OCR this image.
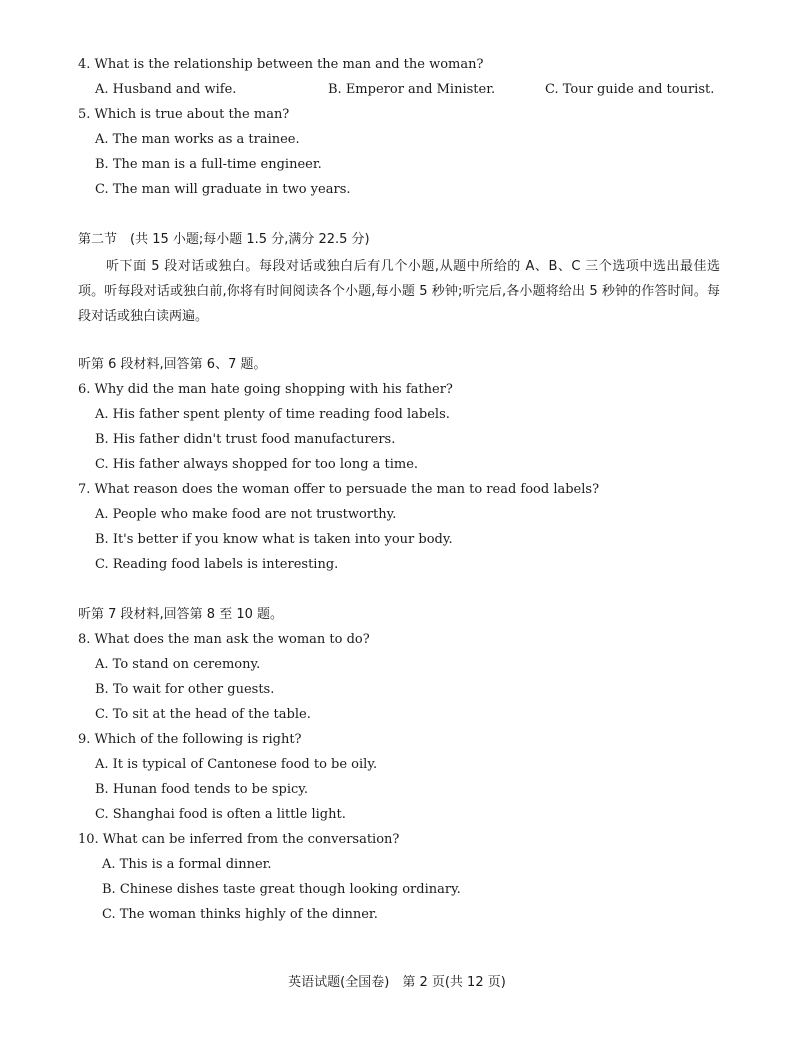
4. What is the relationship between the man and the woman?
A. Husband and wife.	B. Emperor and Minister.	C. Tour guide and tourist.
5. Which is true about the man?
A. The man works as a trainee.
B. The man is a full-time engineer.
C. The man will graduate in two years.
第二节　(共 15 小题;每小题 1.5 分,满分 22.5 分)
听下面 5 段对话或独白。每段对话或独白后有几个小题,从题中所给的 A、B、C 三个选项中选出最佳选项。听每段对话或独白前,你将有时间阅读各个小题,每小题 5 秒钟;听完后,各小题将给出 5 秒钟的作答时间。每段对话或独白读两遍。
听第 6 段材料,回答第 6、7 题。
6. Why did the man hate going shopping with his father?
A. His father spent plenty of time reading food labels.
B. His father didn't trust food manufacturers.
C. His father always shopped for too long a time.
7. What reason does the woman offer to persuade the man to read food labels?
A. People who make food are not trustworthy.
B. It's better if you know what is taken into your body.
C. Reading food labels is interesting.
听第 7 段材料,回答第 8 至 10 题。
8. What does the man ask the woman to do?
A. To stand on ceremony.
B. To wait for other guests.
C. To sit at the head of the table.
9. Which of the following is right?
A. It is typical of Cantonese food to be oily.
B. Hunan food tends to be spicy.
C. Shanghai food is often a little light.
10. What can be inferred from the conversation?
A. This is a formal dinner.
B. Chinese dishes taste great though looking ordinary.
C. The woman thinks highly of the dinner.
英语试题(全国卷)　第 2 页(共 12 页)
